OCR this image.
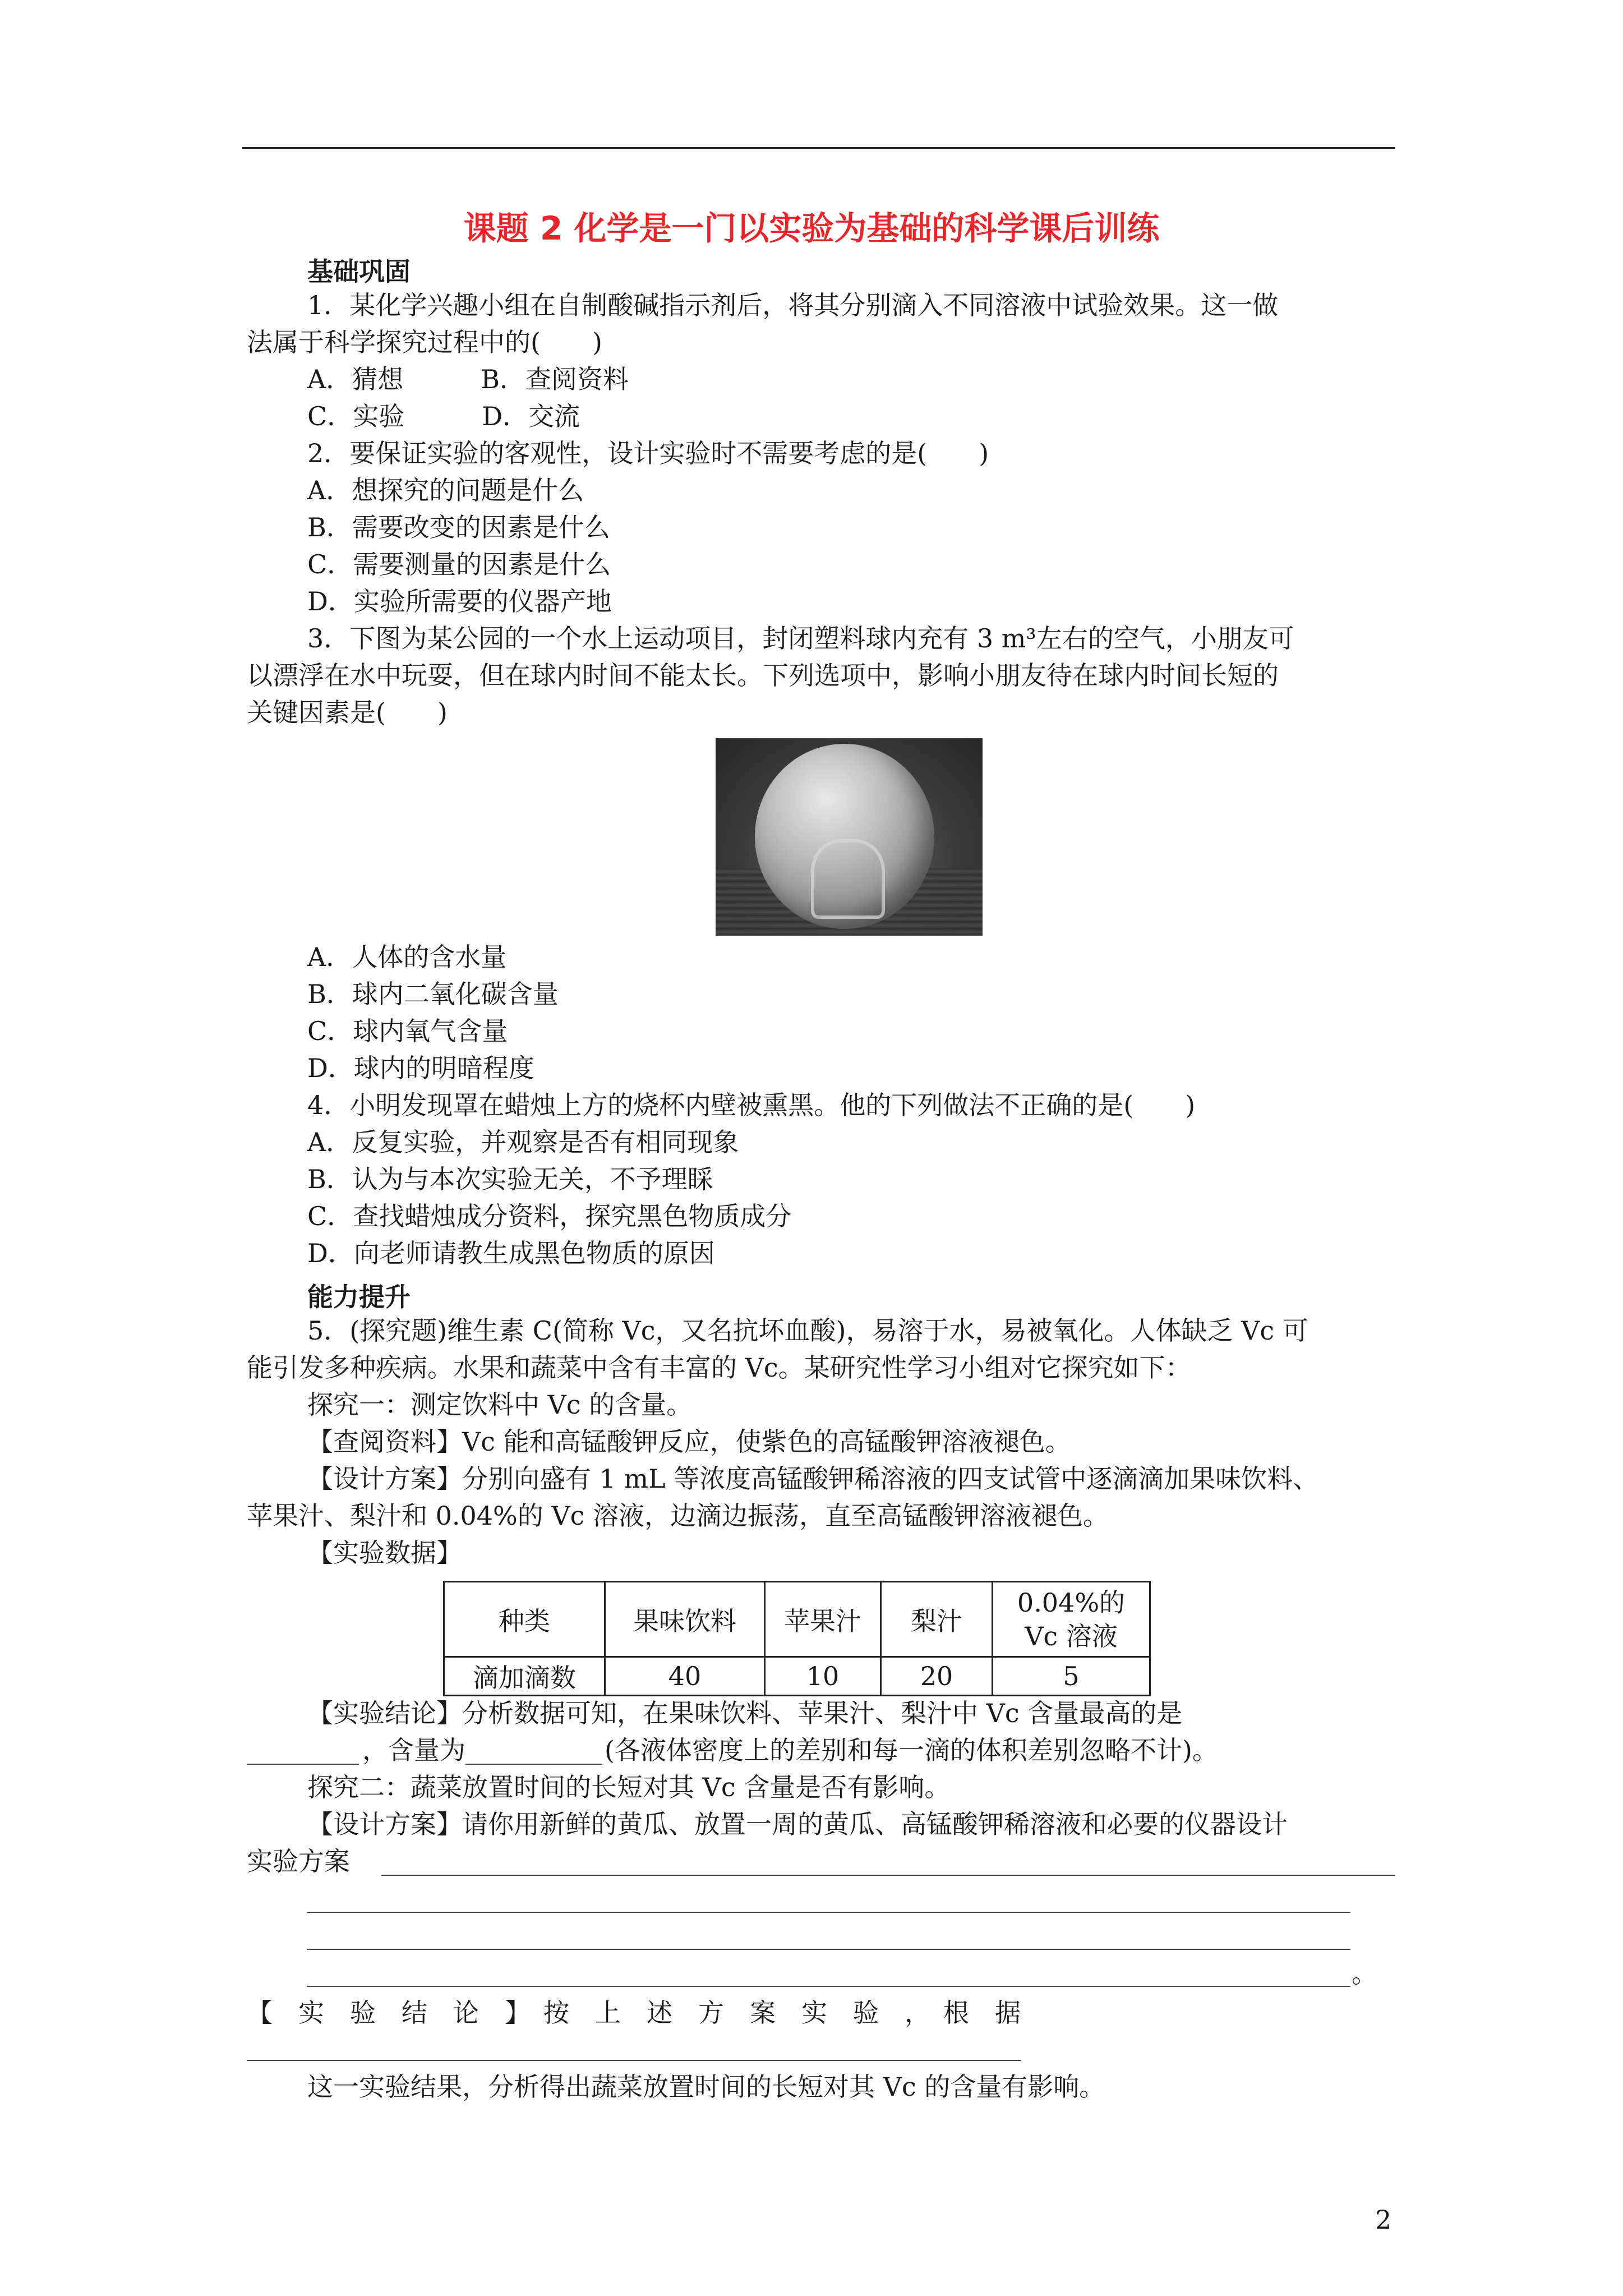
课题 2 化学是一门以实验为基础的科学课后训练
基础巩固
1．某化学兴趣小组在自制酸碱指示剂后，将其分别滴入不同溶液中试验效果。这一做
法属于科学探究过程中的(　　)
A．猜想　　　B．查阅资料
C．实验　　　D．交流
2．要保证实验的客观性，设计实验时不需要考虑的是(　　)
A．想探究的问题是什么
B．需要改变的因素是什么
C．需要测量的因素是什么
D．实验所需要的仪器产地
3．下图为某公园的一个水上运动项目，封闭塑料球内充有 3 m³左右的空气，小朋友可
以漂浮在水中玩耍，但在球内时间不能太长。下列选项中，影响小朋友待在球内时间长短的
关键因素是(　　)
A．人体的含水量
B．球内二氧化碳含量
C．球内氧气含量
D．球内的明暗程度
4．小明发现罩在蜡烛上方的烧杯内壁被熏黑。他的下列做法不正确的是(　　)
A．反复实验，并观察是否有相同现象
B．认为与本次实验无关，不予理睬
C．查找蜡烛成分资料，探究黑色物质成分
D．向老师请教生成黑色物质的原因
能力提升
5．(探究题)维生素 C(简称 Vc，又名抗坏血酸)，易溶于水，易被氧化。人体缺乏 Vc 可
能引发多种疾病。水果和蔬菜中含有丰富的 Vc。某研究性学习小组对它探究如下：
探究一：测定饮料中 Vc 的含量。
【查阅资料】Vc 能和高锰酸钾反应，使紫色的高锰酸钾溶液褪色。
【设计方案】分别向盛有 1 mL 等浓度高锰酸钾稀溶液的四支试管中逐滴滴加果味饮料、
苹果汁、梨汁和 0.04%的 Vc 溶液，边滴边振荡，直至高锰酸钾溶液褪色。
【实验数据】
种类	果味饮料	苹果汁	梨汁	0.04%的
Vc 溶液

滴加滴数	40	10	20	5
【实验结论】分析数据可知，在果味饮料、苹果汁、梨汁中 Vc 含量最高的是
，含量为	(各液体密度上的差别和每一滴的体积差别忽略不计)。
探究二：蔬菜放置时间的长短对其 Vc 含量是否有影响。
【设计方案】请你用新鲜的黄瓜、放置一周的黄瓜、高锰酸钾稀溶液和必要的仪器设计
实验方案
。
【　实　验　结　论　】　按　上　述　方　案　实　验　，　根　据
这一实验结果，分析得出蔬菜放置时间的长短对其 Vc 的含量有影响。
2
